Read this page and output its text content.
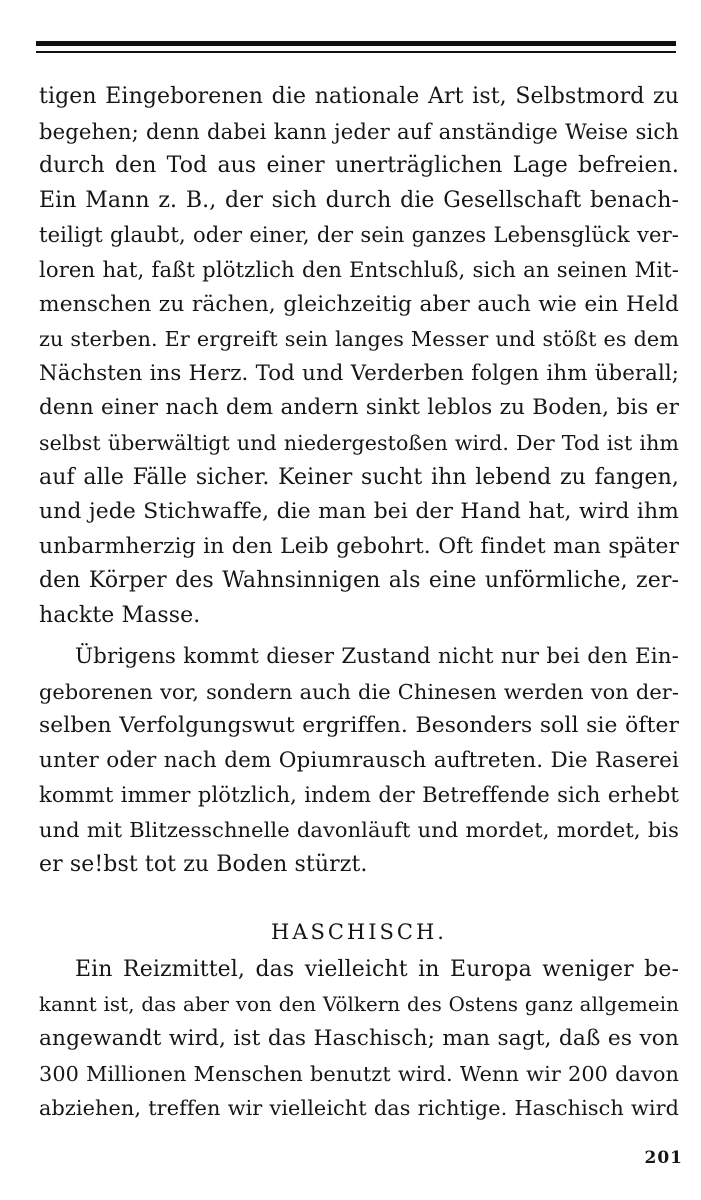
tigen Eingeborenen die nationale Art ist, Selbstmord zu
begehen; denn dabei kann jeder auf anständige Weise sich
durch den Tod aus einer unerträglichen Lage befreien.
Ein Mann z. B., der sich durch die Gesellschaft benach-
teiligt glaubt, oder einer, der sein ganzes Lebensglück ver-
loren hat, faßt plötzlich den Entschluß, sich an seinen Mit-
menschen zu rächen, gleichzeitig aber auch wie ein Held
zu sterben. Er ergreift sein langes Messer und stößt es dem
Nächsten ins Herz. Tod und Verderben folgen ihm überall;
denn einer nach dem andern sinkt leblos zu Boden, bis er
selbst überwältigt und niedergestoßen wird. Der Tod ist ihm
auf alle Fälle sicher. Keiner sucht ihn lebend zu fangen,
und jede Stichwaffe, die man bei der Hand hat, wird ihm
unbarmherzig in den Leib gebohrt. Oft findet man später
den Körper des Wahnsinnigen als eine unförmliche, zer-
hackte Masse.
Übrigens kommt dieser Zustand nicht nur bei den Ein-
geborenen vor, sondern auch die Chinesen werden von der-
selben Verfolgungswut ergriffen. Besonders soll sie öfter
unter oder nach dem Opiumrausch auftreten. Die Raserei
kommt immer plötzlich, indem der Betreffende sich erhebt
und mit Blitzesschnelle davonläuft und mordet, mordet, bis
er se!bst tot zu Boden stürzt.
HASCHISCH.
Ein Reizmittel, das vielleicht in Europa weniger be-
kannt ist, das aber von den Völkern des Ostens ganz allgemein
angewandt wird, ist das Haschisch; man sagt, daß es von
300 Millionen Menschen benutzt wird. Wenn wir 200 davon
abziehen, treffen wir vielleicht das richtige. Haschisch wird
201
